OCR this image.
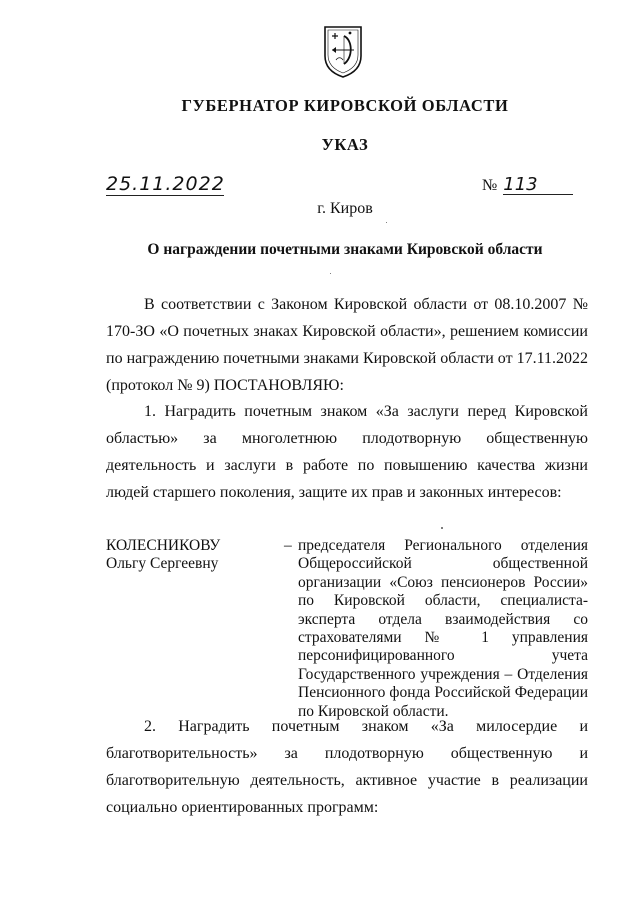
ГУБЕРНАТОР КИРОВСКОЙ ОБЛАСТИ
УКАЗ
25.11.2022	№ 113
г. Киров
О награждении почетными знаками Кировской области
В соответствии с Законом Кировской области от 08.10.2007 № 170-ЗО «О почетных знаках Кировской области», решением комиссии по награждению почетными знаками Кировской области от 17.11.2022 (протокол № 9) ПОСТАНОВЛЯЮ:
1. Наградить почетным знаком «За заслуги перед Кировской областью» за многолетнюю плодотворную общественную деятельность и заслуги в работе по повышению качества жизни людей старшего поколения, защите их прав и законных интересов:
КОЛЕСНИКОВУ
Ольгу Сергеевну
– председателя Регионального отделения Общероссийской общественной организации «Союз пенсионеров России» по Кировской области, специалиста-эксперта отдела взаимодействия со страхователями № 1 управления персонифицированного учета Государственного учреждения – Отделения Пенсионного фонда Российской Федерации по Кировской области.
2. Наградить почетным знаком «За милосердие и благотворительность» за плодотворную общественную и благотворительную деятельность, активное участие в реализации социально ориентированных программ:
